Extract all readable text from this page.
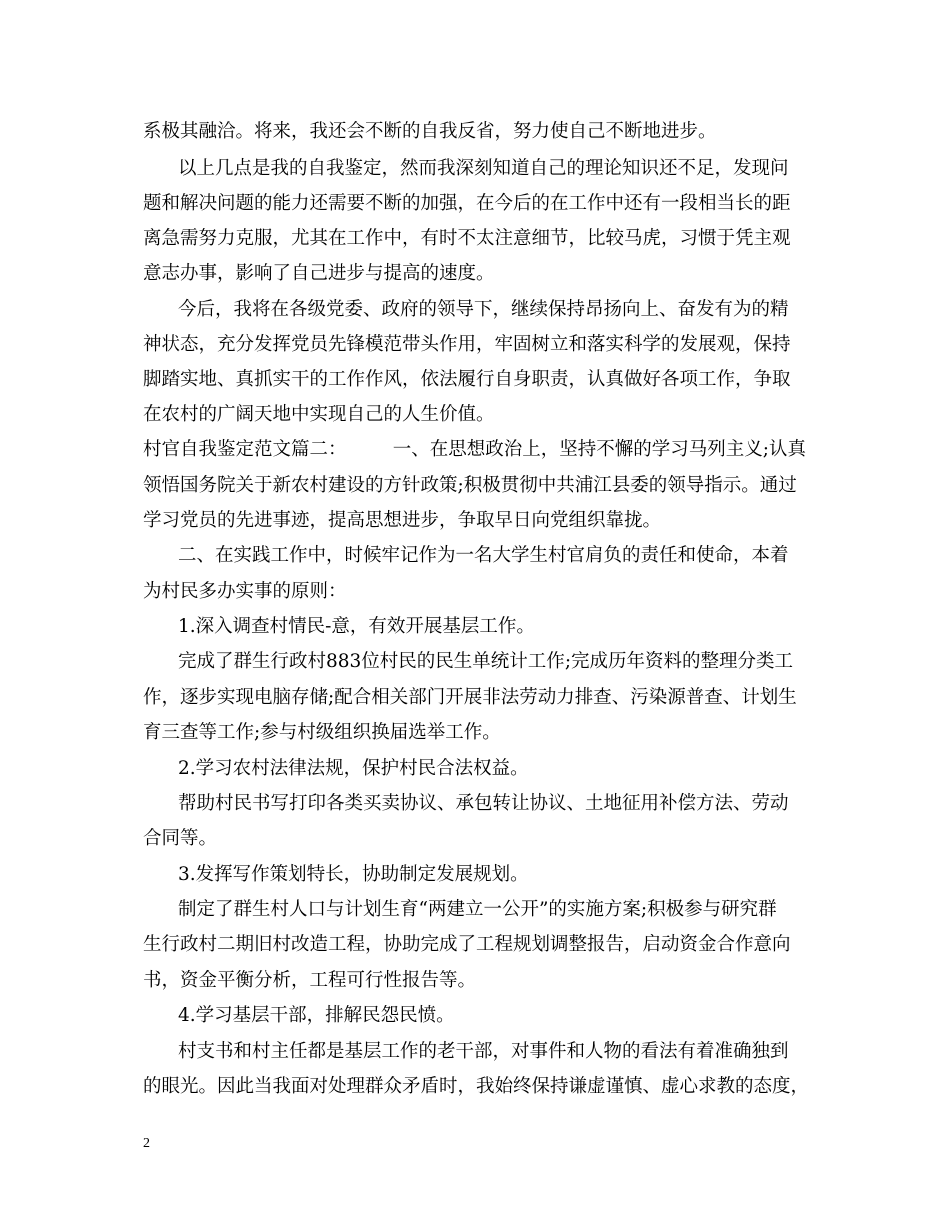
系极其融洽。将来，我还会不断的自我反省，努力使自己不断地进步。
以上几点是我的自我鉴定，然而我深刻知道自己的理论知识还不足，发现问
题和解决问题的能力还需要不断的加强，在今后的在工作中还有一段相当长的距
离急需努力克服，尤其在工作中，有时不太注意细节，比较马虎，习惯于凭主观
意志办事，影响了自己进步与提高的速度。
今后，我将在各级党委、政府的领导下，继续保持昂扬向上、奋发有为的精
神状态，充分发挥党员先锋模范带头作用，牢固树立和落实科学的发展观，保持
脚踏实地、真抓实干的工作作风，依法履行自身职责，认真做好各项工作，争取
在农村的广阔天地中实现自己的人生价值。
村官自我鉴定范文篇二：　　　一、在思想政治上，坚持不懈的学习马列主义;认真
领悟国务院关于新农村建设的方针政策;积极贯彻中共浦江县委的领导指示。通过
学习党员的先进事迹，提高思想进步，争取早日向党组织靠拢。
二、在实践工作中，时候牢记作为一名大学生村官肩负的责任和使命，本着
为村民多办实事的原则：
1.深入调查村情民-意，有效开展基层工作。
完成了群生行政村883位村民的民生单统计工作;完成历年资料的整理分类工
作，逐步实现电脑存储;配合相关部门开展非法劳动力排查、污染源普查、计划生
育三查等工作;参与村级组织换届选举工作。
2.学习农村法律法规，保护村民合法权益。
帮助村民书写打印各类买卖协议、承包转让协议、土地征用补偿方法、劳动
合同等。
3.发挥写作策划特长，协助制定发展规划。
制定了群生村人口与计划生育“两建立一公开”的实施方案;积极参与研究群
生行政村二期旧村改造工程，协助完成了工程规划调整报告，启动资金合作意向
书，资金平衡分析，工程可行性报告等。
4.学习基层干部，排解民怨民愤。
村支书和村主任都是基层工作的老干部，对事件和人物的看法有着准确独到
的眼光。因此当我面对处理群众矛盾时，我始终保持谦虚谨慎、虚心求教的态度，
2
